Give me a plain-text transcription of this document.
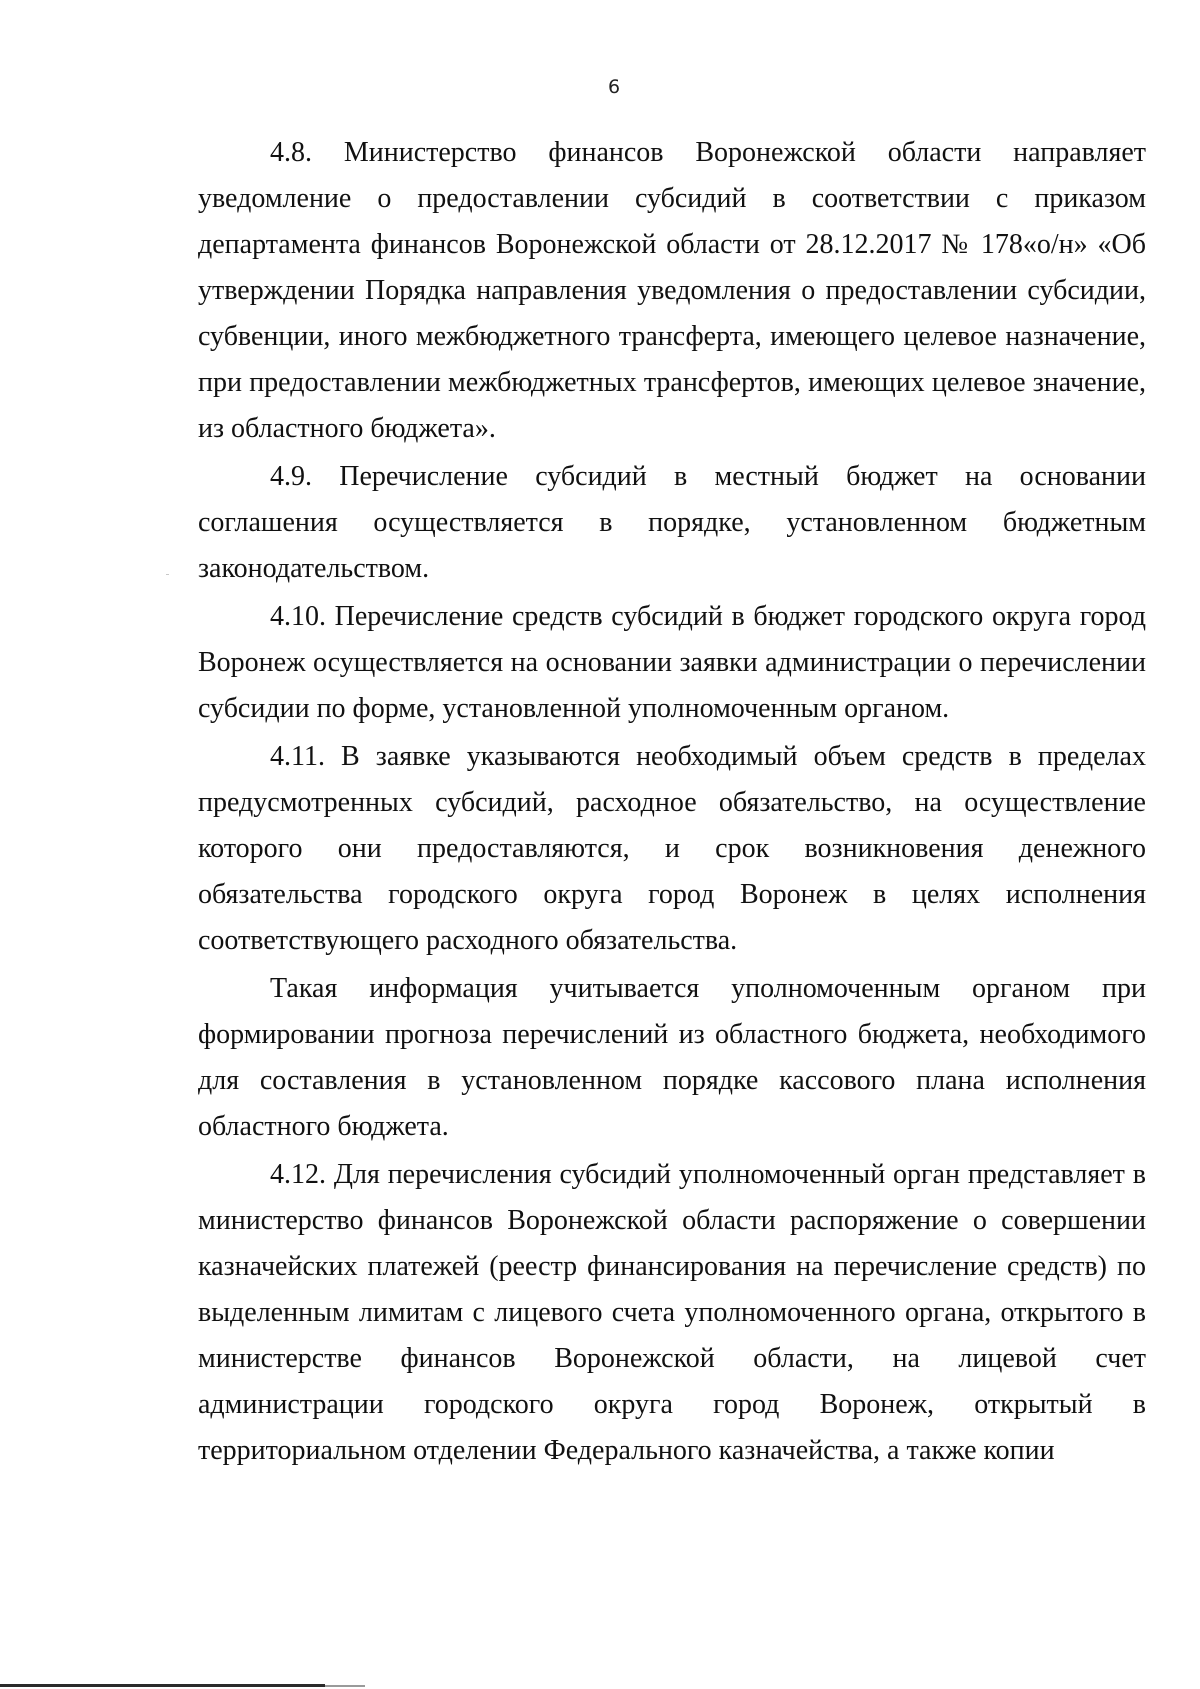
6

4.8. Министерство финансов Воронежской области направляет уведомление о предоставлении субсидий в соответствии с приказом департамента финансов Воронежской области от 28.12.2017 № 178«о/н» «Об утверждении Порядка направления уведомления о предоставлении субсидии, субвенции, иного межбюджетного трансферта, имеющего целевое назначение, при предоставлении межбюджетных трансфертов, имеющих целевое значение, из областного бюджета».

4.9. Перечисление субсидий в местный бюджет на основании соглашения осуществляется в порядке, установленном бюджетным законодательством.

4.10. Перечисление средств субсидий в бюджет городского округа город Воронеж осуществляется на основании заявки администрации о перечислении субсидии по форме, установленной уполномоченным органом.

4.11. В заявке указываются необходимый объем средств в пределах предусмотренных субсидий, расходное обязательство, на осуществление которого они предоставляются, и срок возникновения денежного обязательства городского округа город Воронеж в целях исполнения соответствующего расходного обязательства.

Такая информация учитывается уполномоченным органом при формировании прогноза перечислений из областного бюджета, необходимого для составления в установленном порядке кассового плана исполнения областного бюджета.

4.12. Для перечисления субсидий уполномоченный орган представляет в министерство финансов Воронежской области распоряжение о совершении казначейских платежей (реестр финансирования на перечисление средств) по выделенным лимитам с лицевого счета уполномоченного органа, открытого в министерстве финансов Воронежской области, на лицевой счет администрации городского округа город Воронеж, открытый в территориальном отделении Федерального казначейства, а также копии
